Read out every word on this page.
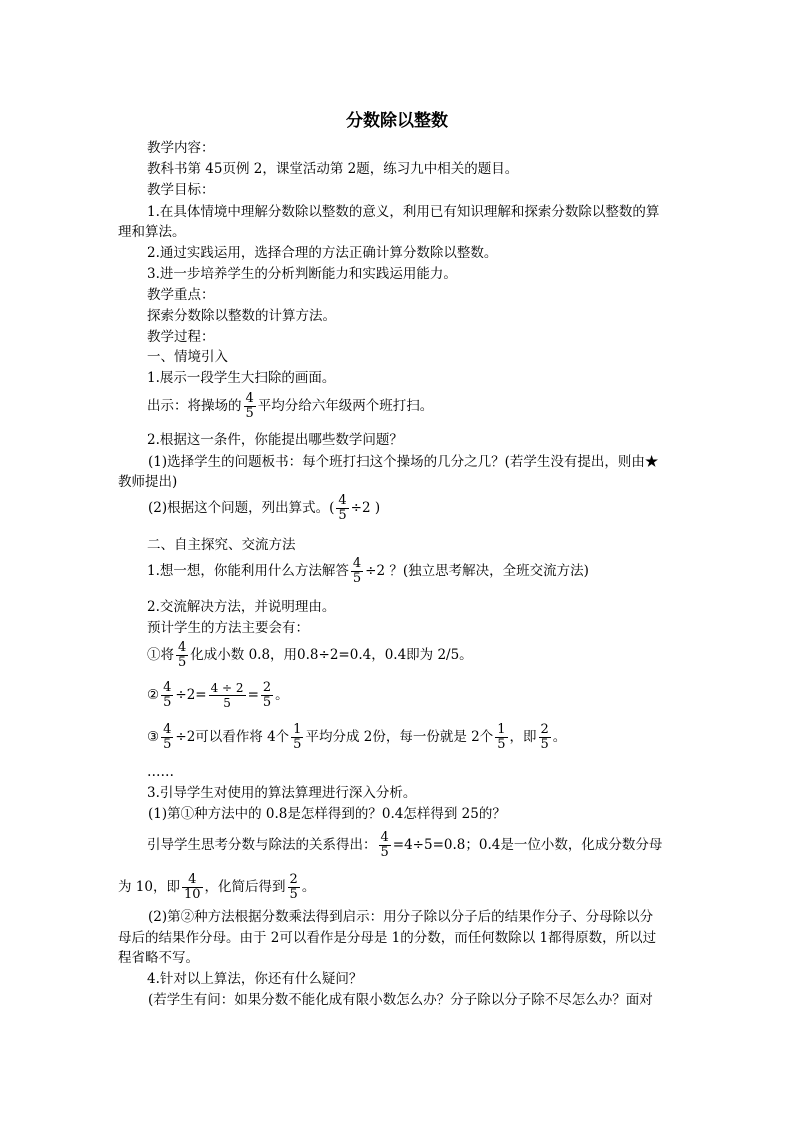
分数除以整数
教学内容：
教科书第 45页例 2，课堂活动第 2题，练习九中相关的题目。
教学目标：
1.在具体情境中理解分数除以整数的意义，利用已有知识理解和探索分数除以整数的算
理和算法。
2.通过实践运用，选择合理的方法正确计算分数除以整数。
3.进一步培养学生的分析判断能力和实践运用能力。
教学重点：
探索分数除以整数的计算方法。
教学过程：
一、情境引入
1.展示一段学生大扫除的画面。
出示：将操场的 $\frac{4}{5}$ 平均分给六年级两个班打扫。
2.根据这一条件，你能提出哪些数学问题？
(1)选择学生的问题板书：每个班打扫这个操场的几分之几？(若学生没有提出，则由★
教师提出)
(2)根据这个问题，列出算式。( $\frac{4}{5} \div 2$ )
二、自主探究、交流方法
1.想一想，你能利用什么方法解答 $\frac{4}{5} \div 2$ ？(独立思考解决，全班交流方法)
2.交流解决方法，并说明理由。
预计学生的方法主要会有：
①将 $\frac{4}{5}$ 化成小数 0.8，用0.8÷2=0.4，0.4即为 2/5。
② $\frac{4}{5} \div 2= \frac{4 \div 2}{5} = \frac{2}{5}$ 。
③ $\frac{4}{5} \div 2$可以看作将 4个 $\frac{1}{5}$ 平均分成 2份，每一份就是 2个 $\frac{1}{5}$ ，即 $\frac{2}{5}$ 。
……
3.引导学生对使用的算法算理进行深入分析。
(1)第①种方法中的 0.8是怎样得到的？0.4怎样得到 25的？
引导学生思考分数与除法的关系得出： $\frac{4}{5} =4\div 5=0.8$；0.4是一位小数，化成分数分母
为 10，即 $\frac{4}{10}$ ，化简后得到 $\frac{2}{5}$ 。
(2)第②种方法根据分数乘法得到启示：用分子除以分子后的结果作分子、分母除以分
母后的结果作分母。由于 2可以看作是分母是 1的分数，而任何数除以 1都得原数，所以过
程省略不写。
4.针对以上算法，你还有什么疑问？
(若学生有问：如果分数不能化成有限小数怎么办？分子除以分子除不尽怎么办？面对
